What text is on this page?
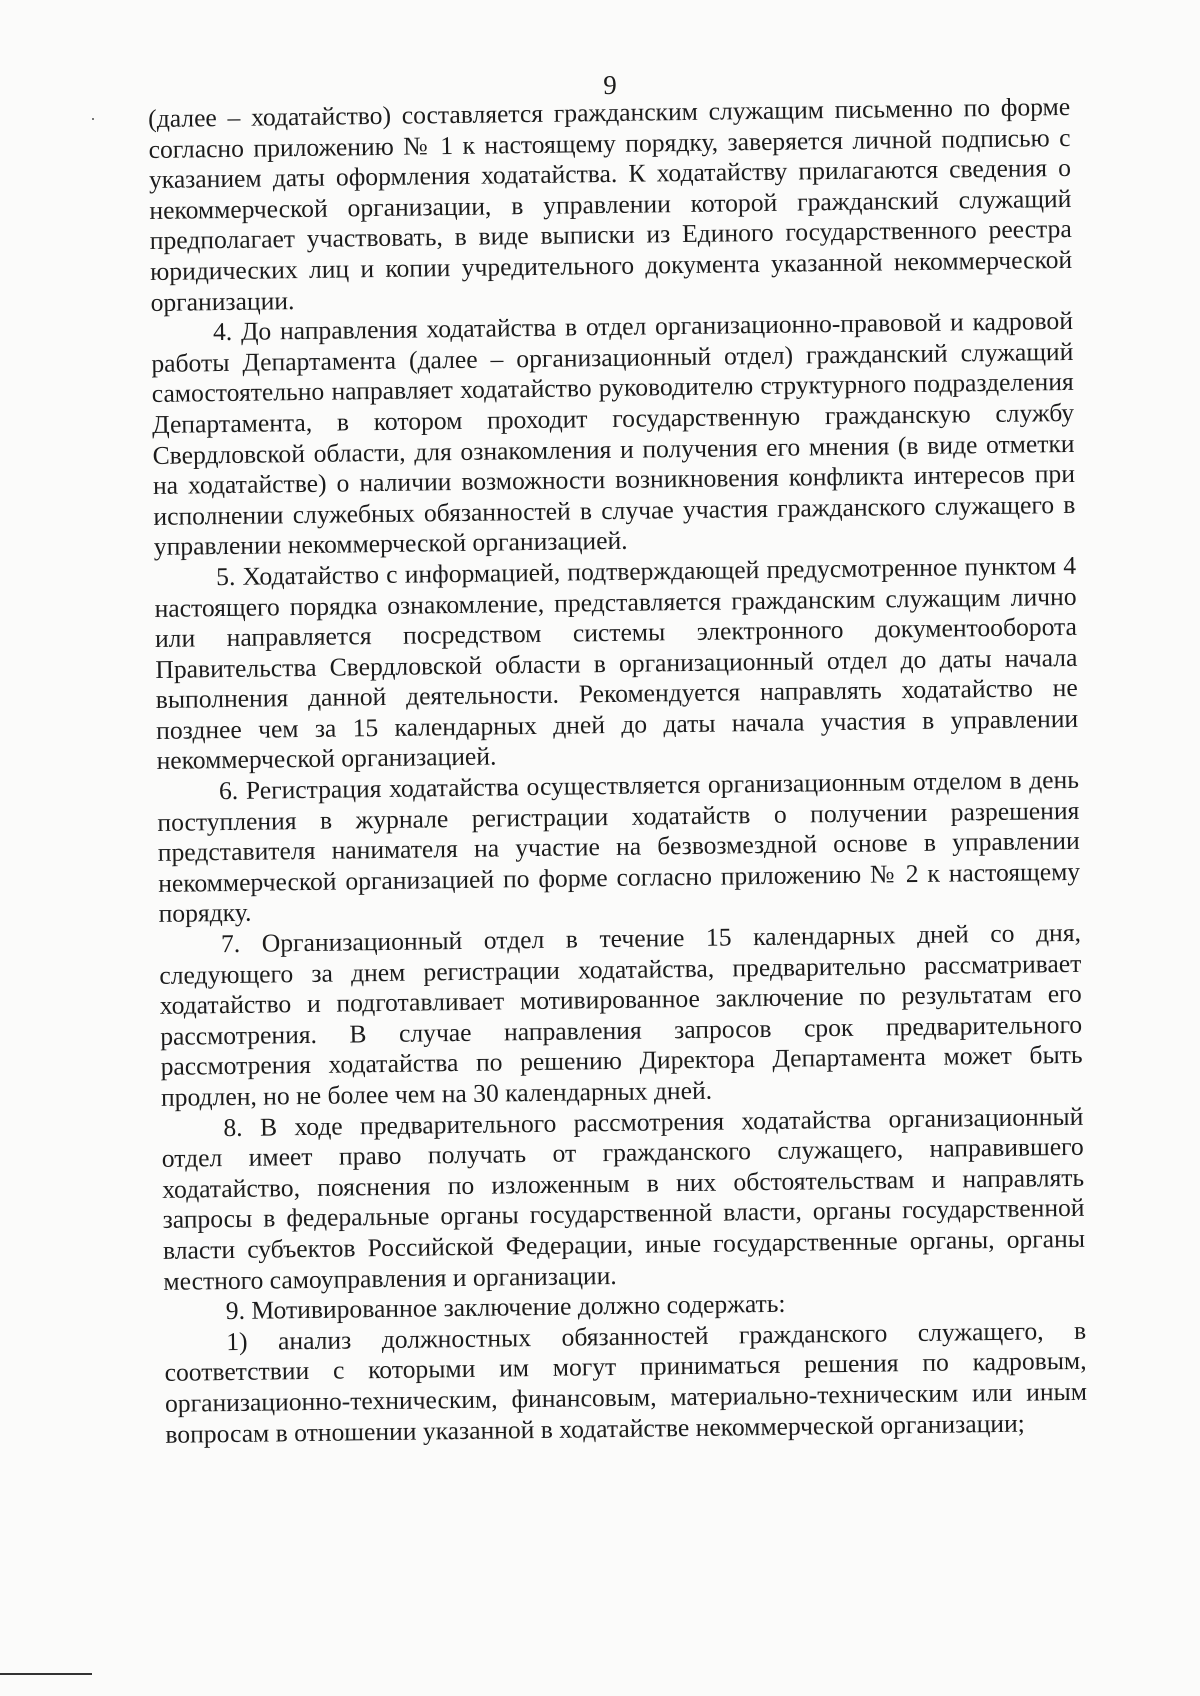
9

(далее – ходатайство) составляется гражданским служащим письменно по форме согласно приложению № 1 к настоящему порядку, заверяется личной подписью с указанием даты оформления ходатайства. К ходатайству прилагаются сведения о некоммерческой организации, в управлении которой гражданский служащий предполагает участвовать, в виде выписки из Единого государственного реестра юридических лиц и копии учредительного документа указанной некоммерческой организации.

4. До направления ходатайства в отдел организационно-правовой и кадровой работы Департамента (далее – организационный отдел) гражданский служащий самостоятельно направляет ходатайство руководителю структурного подразделения Департамента, в котором проходит государственную гражданскую службу Свердловской области, для ознакомления и получения его мнения (в виде отметки на ходатайстве) о наличии возможности возникновения конфликта интересов при исполнении служебных обязанностей в случае участия гражданского служащего в управлении некоммерческой организацией.

5. Ходатайство с информацией, подтверждающей предусмотренное пунктом 4 настоящего порядка ознакомление, представляется гражданским служащим лично или направляется посредством системы электронного документооборота Правительства Свердловской области в организационный отдел до даты начала выполнения данной деятельности. Рекомендуется направлять ходатайство не позднее чем за 15 календарных дней до даты начала участия в управлении некоммерческой организацией.

6. Регистрация ходатайства осуществляется организационным отделом в день поступления в журнале регистрации ходатайств о получении разрешения представителя нанимателя на участие на безвозмездной основе в управлении некоммерческой организацией по форме согласно приложению № 2 к настоящему порядку.

7. Организационный отдел в течение 15 календарных дней со дня, следующего за днем регистрации ходатайства, предварительно рассматривает ходатайство и подготавливает мотивированное заключение по результатам его рассмотрения. В случае направления запросов срок предварительного рассмотрения ходатайства по решению Директора Департамента может быть продлен, но не более чем на 30 календарных дней.

8. В ходе предварительного рассмотрения ходатайства организационный отдел имеет право получать от гражданского служащего, направившего ходатайство, пояснения по изложенным в них обстоятельствам и направлять запросы в федеральные органы государственной власти, органы государственной власти субъектов Российской Федерации, иные государственные органы, органы местного самоуправления и организации.

9. Мотивированное заключение должно содержать:

1) анализ должностных обязанностей гражданского служащего, в соответствии с которыми им могут приниматься решения по кадровым, организационно-техническим, финансовым, материально-техническим или иным вопросам в отношении указанной в ходатайстве некоммерческой организации;
